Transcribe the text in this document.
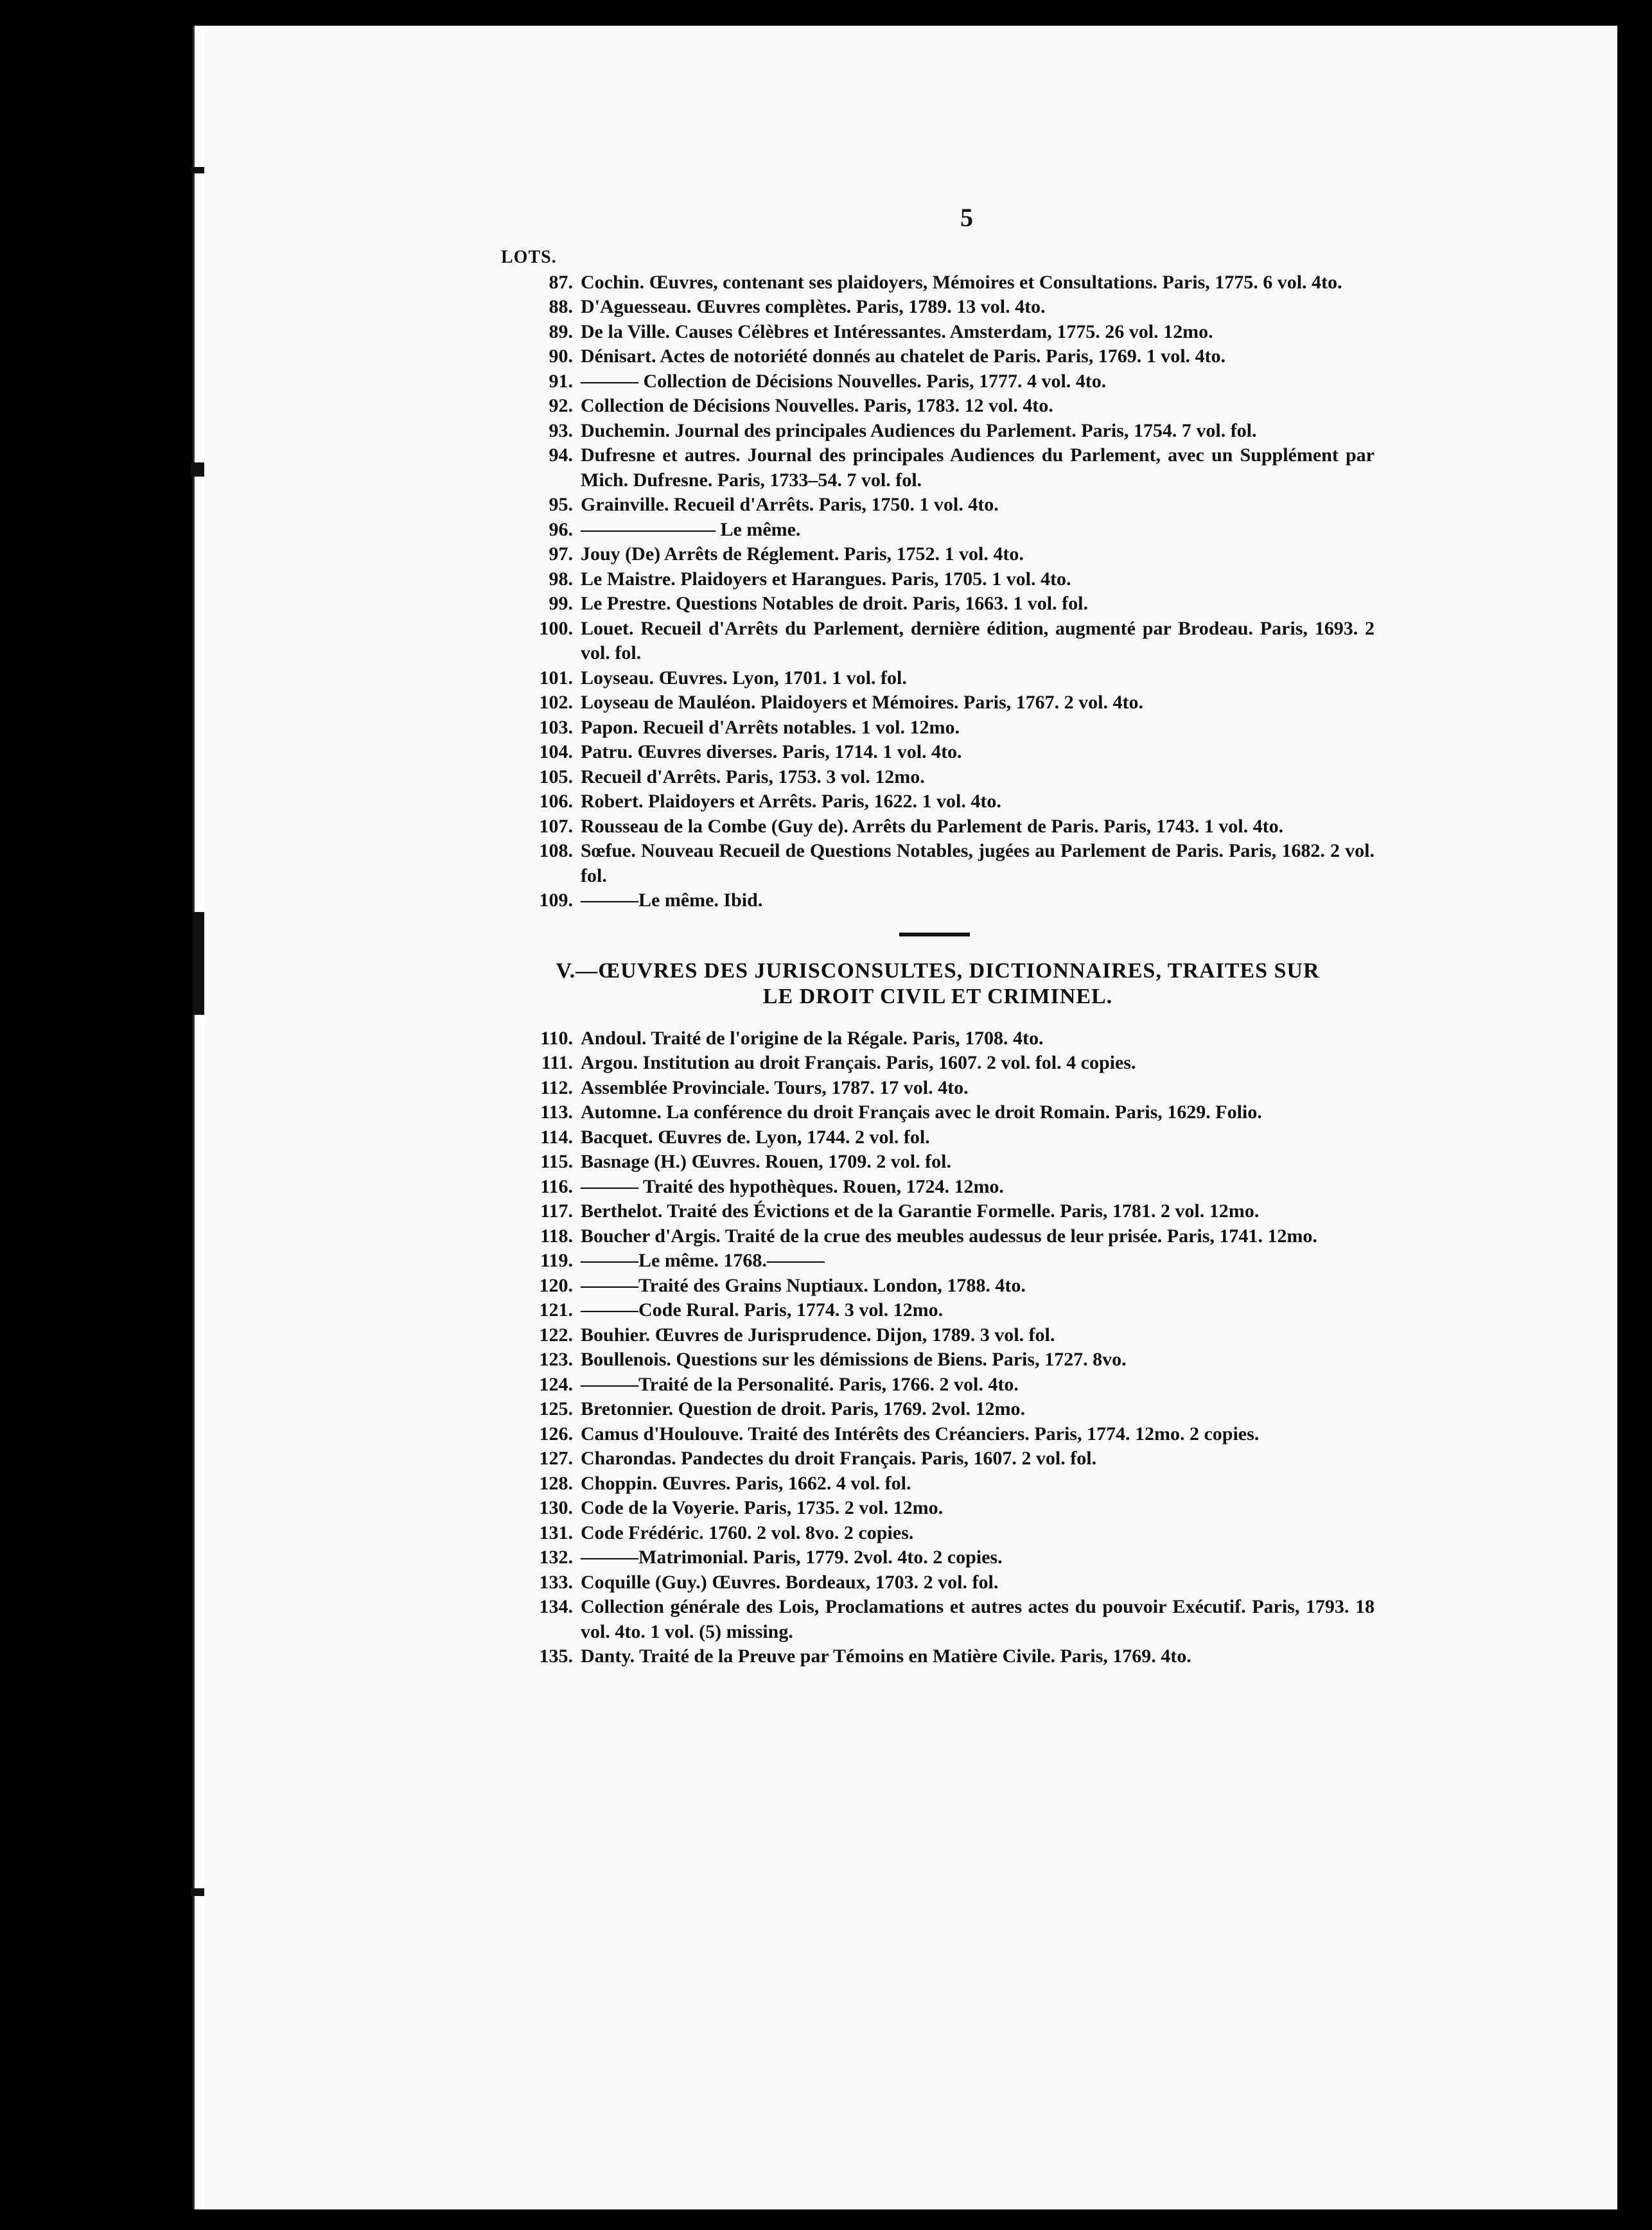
5
LOTS.
87. Cochin. Œuvres, contenant ses plaidoyers, Mémoires et Consultations. Paris, 1775. 6 vol. 4to.
88. D'Aguesseau. Œuvres complètes. Paris, 1789. 13 vol. 4to.
89. De la Ville. Causes Célèbres et Intéressantes. Amsterdam, 1775. 26 vol. 12mo.
90. Dénisart. Actes de notoriété donnés au chatelet de Paris. Paris, 1769. 1 vol. 4to.
91. ——— Collection de Décisions Nouvelles. Paris, 1777. 4 vol. 4to.
92. Collection de Décisions Nouvelles. Paris, 1783. 12 vol. 4to.
93. Duchemin. Journal des principales Audiences du Parlement. Paris, 1754. 7 vol. fol.
94. Dufresne et autres. Journal des principales Audiences du Parlement, avec un Supplément par Mich. Dufresne. Paris, 1733–54. 7 vol. fol.
95. Grainville. Recueil d'Arrêts. Paris, 1750. 1 vol. 4to.
96. ——————— Le même.
97. Jouy (De) Arrêts de Réglement. Paris, 1752. 1 vol. 4to.
98. Le Maistre. Plaidoyers et Harangues. Paris, 1705. 1 vol. 4to.
99. Le Prestre. Questions Notables de droit. Paris, 1663. 1 vol. fol.
100. Louet. Recueil d'Arrêts du Parlement, dernière édition, augmenté par Brodeau. Paris, 1693. 2 vol. fol.
101. Loyseau. Œuvres. Lyon, 1701. 1 vol. fol.
102. Loyseau de Mauléon. Plaidoyers et Mémoires. Paris, 1767. 2 vol. 4to.
103. Papon. Recueil d'Arrêts notables. 1 vol. 12mo.
104. Patru. Œuvres diverses. Paris, 1714. 1 vol. 4to.
105. Recueil d'Arrêts. Paris, 1753. 3 vol. 12mo.
106. Robert. Plaidoyers et Arrêts. Paris, 1622. 1 vol. 4to.
107. Rousseau de la Combe (Guy de). Arrêts du Parlement de Paris. Paris, 1743. 1 vol. 4to.
108. Sœfue. Nouveau Recueil de Questions Notables, jugées au Parlement de Paris. Paris, 1682. 2 vol. fol.
109. ———Le même. Ibid.
V.—ŒUVRES DES JURISCONSULTES, DICTIONNAIRES, TRAITES SUR
LE DROIT CIVIL ET CRIMINEL.
110. Andoul. Traité de l'origine de la Régale. Paris, 1708. 4to.
111. Argou. Institution au droit Français. Paris, 1607. 2 vol. fol. 4 copies.
112. Assemblée Provinciale. Tours, 1787. 17 vol. 4to.
113. Automne. La conférence du droit Français avec le droit Romain. Paris, 1629. Folio.
114. Bacquet. Œuvres de. Lyon, 1744. 2 vol. fol.
115. Basnage (H.) Œuvres. Rouen, 1709. 2 vol. fol.
116. ——— Traité des hypothèques. Rouen, 1724. 12mo.
117. Berthelot. Traité des Évictions et de la Garantie Formelle. Paris, 1781. 2 vol. 12mo.
118. Boucher d'Argis. Traité de la crue des meubles audessus de leur prisée. Paris, 1741. 12mo.
119. ———Le même. 1768.———
120. ———Traité des Grains Nuptiaux. London, 1788. 4to.
121. ———Code Rural. Paris, 1774. 3 vol. 12mo.
122. Bouhier. Œuvres de Jurisprudence. Dijon, 1789. 3 vol. fol.
123. Boullenois. Questions sur les démissions de Biens. Paris, 1727. 8vo.
124. ———Traité de la Personalité. Paris, 1766. 2 vol. 4to.
125. Bretonnier. Question de droit. Paris, 1769. 2vol. 12mo.
126. Camus d'Houlouve. Traité des Intérêts des Créanciers. Paris, 1774. 12mo. 2 copies.
127. Charondas. Pandectes du droit Français. Paris, 1607. 2 vol. fol.
128. Choppin. Œuvres. Paris, 1662. 4 vol. fol.
130. Code de la Voyerie. Paris, 1735. 2 vol. 12mo.
131. Code Frédéric. 1760. 2 vol. 8vo. 2 copies.
132. ———Matrimonial. Paris, 1779. 2vol. 4to. 2 copies.
133. Coquille (Guy.) Œuvres. Bordeaux, 1703. 2 vol. fol.
134. Collection générale des Lois, Proclamations et autres actes du pouvoir Exécutif. Paris, 1793. 18 vol. 4to. 1 vol. (5) missing.
135. Danty. Traité de la Preuve par Témoins en Matière Civile. Paris, 1769. 4to.
